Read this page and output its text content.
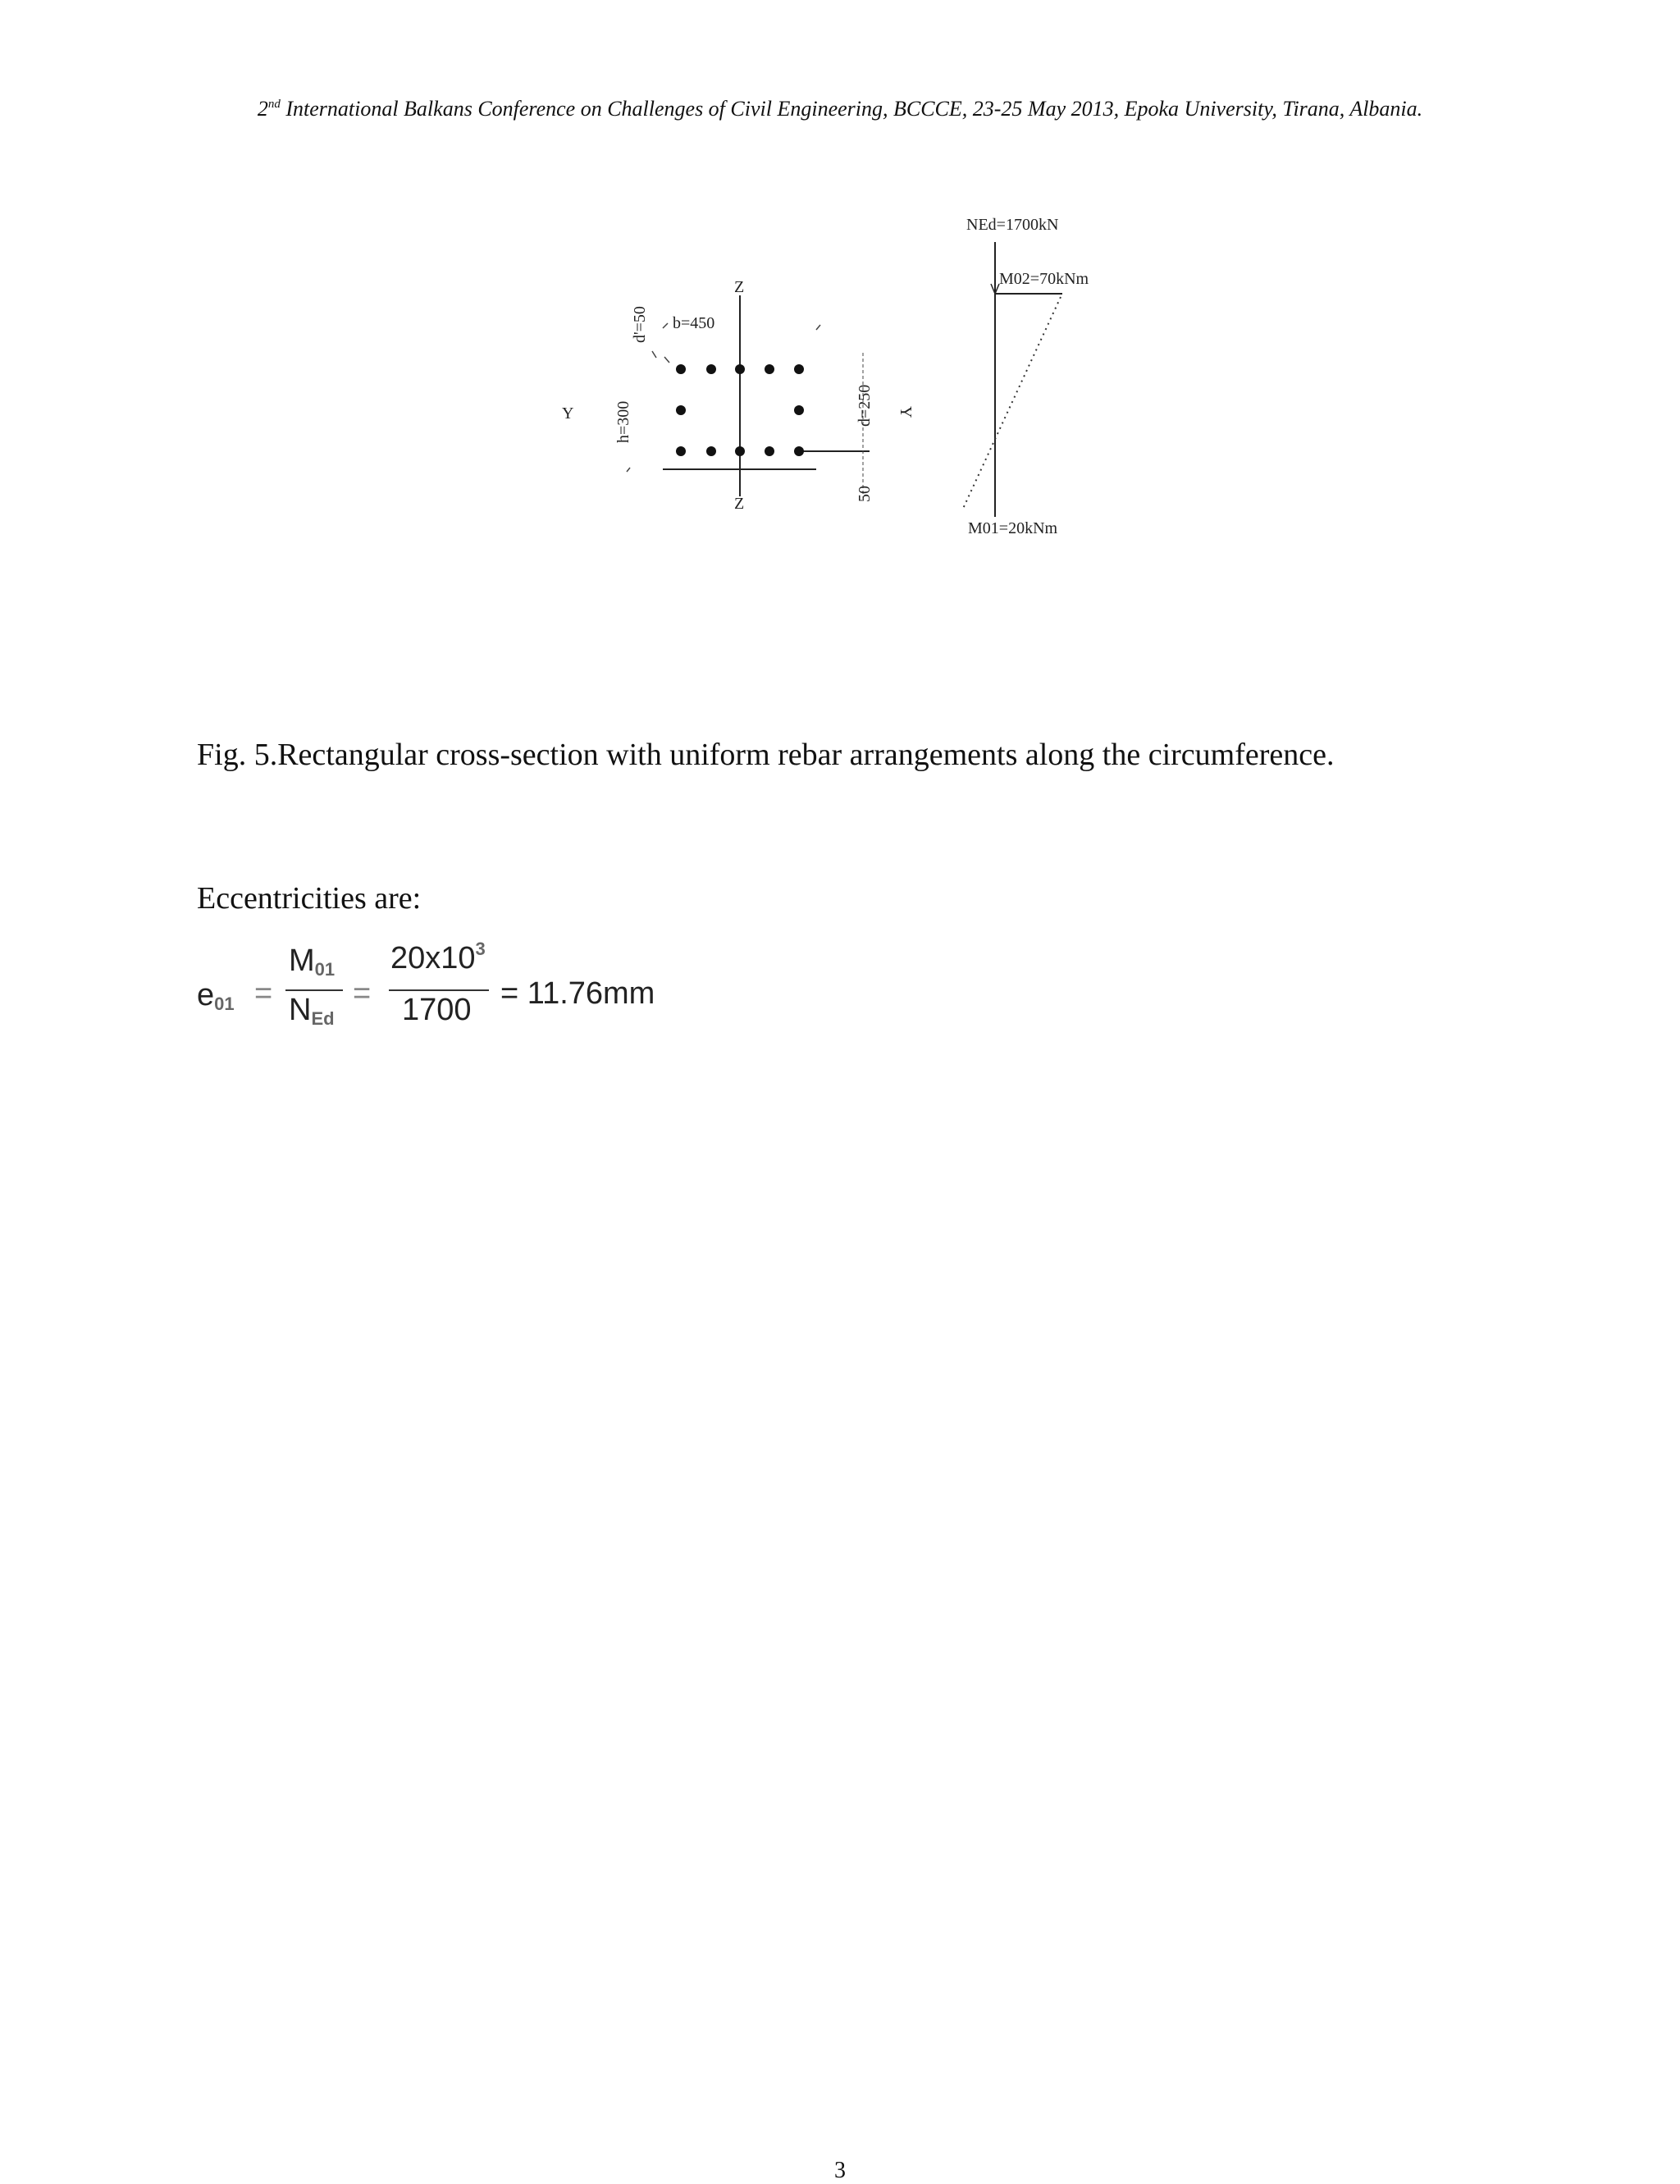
2nd International Balkans Conference on Challenges of Civil Engineering, BCCCE, 23-25 May 2013, Epoka University, Tirana, Albania.
Z
Z
b=450
d'=50
h=300	d=250
50
Y	Y
NEd=1700kN
M02=70kNm
M01=20kNm
Fig. 5.Rectangular cross-section with uniform rebar arrangements along the circumference.
Eccentricities are:
$e_{01}$ =
$M_{01}$
$N_{Ed}$
=
$20x10^3$
1700 = 11.76mm
3
